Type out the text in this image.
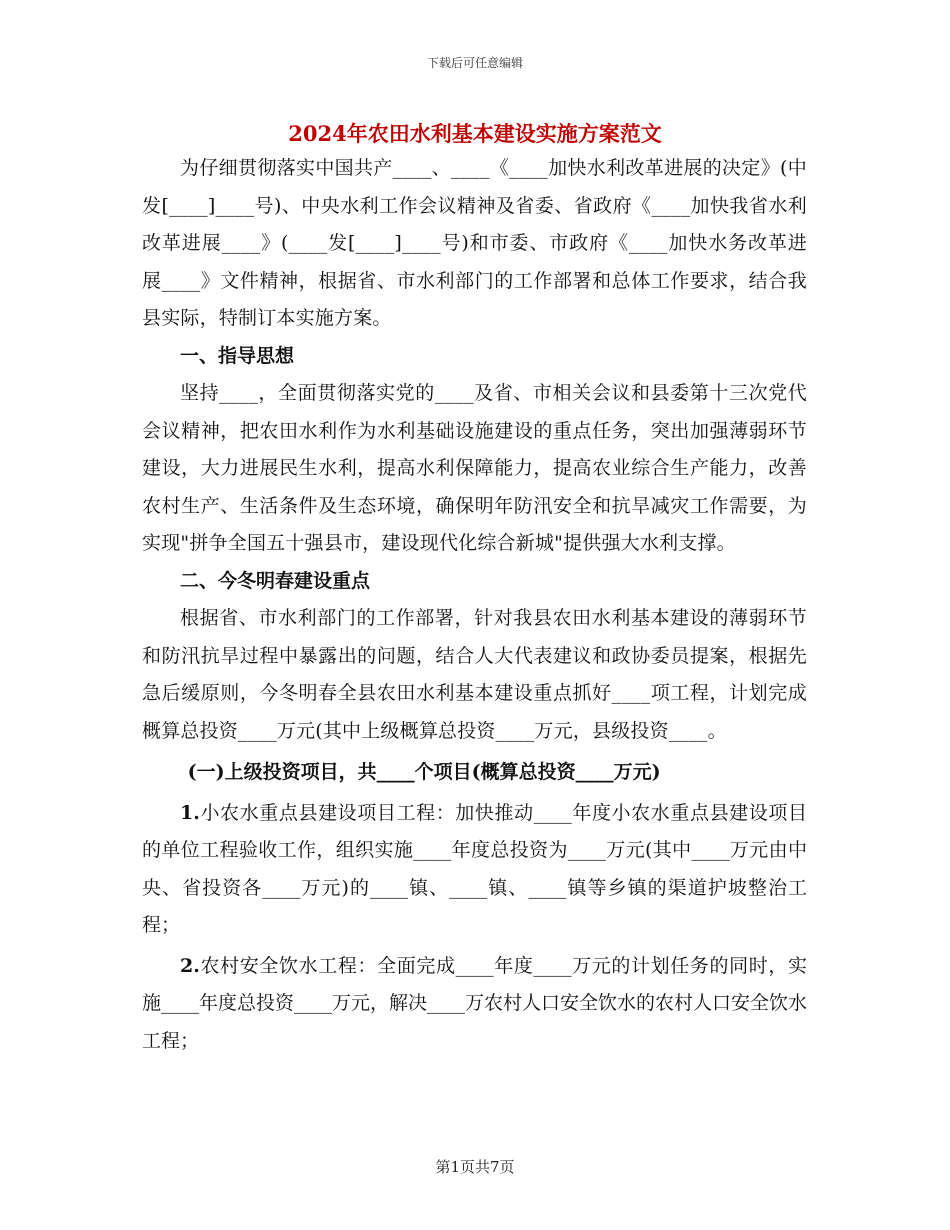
下载后可任意编辑
2024年农田水利基本建设实施方案范文

为仔细贯彻落实中国共产____、____《____加快水利改革进展的决定》(中发[____]____号)、中央水利工作会议精神及省委、省政府《____加快我省水利改革进展____》(____发[____]____号)和市委、市政府《____加快水务改革进展____》文件精神，根据省、市水利部门的工作部署和总体工作要求，结合我县实际，特制订本实施方案。

一、指导思想

坚持____，全面贯彻落实党的____及省、市相关会议和县委第十三次党代会议精神，把农田水利作为水利基础设施建设的重点任务，突出加强薄弱环节建设，大力进展民生水利，提高水利保障能力，提高农业综合生产能力，改善农村生产、生活条件及生态环境，确保明年防汛安全和抗旱减灾工作需要，为实现"拼争全国五十强县市，建设现代化综合新城"提供强大水利支撑。

二、今冬明春建设重点

根据省、市水利部门的工作部署，针对我县农田水利基本建设的薄弱环节和防汛抗旱过程中暴露出的问题，结合人大代表建议和政协委员提案，根据先急后缓原则，今冬明春全县农田水利基本建设重点抓好____项工程，计划完成概算总投资____万元(其中上级概算总投资____万元，县级投资____。

(一)上级投资项目，共____个项目(概算总投资____万元)

1.小农水重点县建设项目工程：加快推动____年度小农水重点县建设项目的单位工程验收工作，组织实施____年度总投资为____万元(其中____万元由中央、省投资各____万元)的____镇、____镇、____镇等乡镇的渠道护坡整治工程；

2.农村安全饮水工程：全面完成____年度____万元的计划任务的同时，实施____年度总投资____万元，解决____万农村人口安全饮水的农村人口安全饮水工程；

第1页共7页
